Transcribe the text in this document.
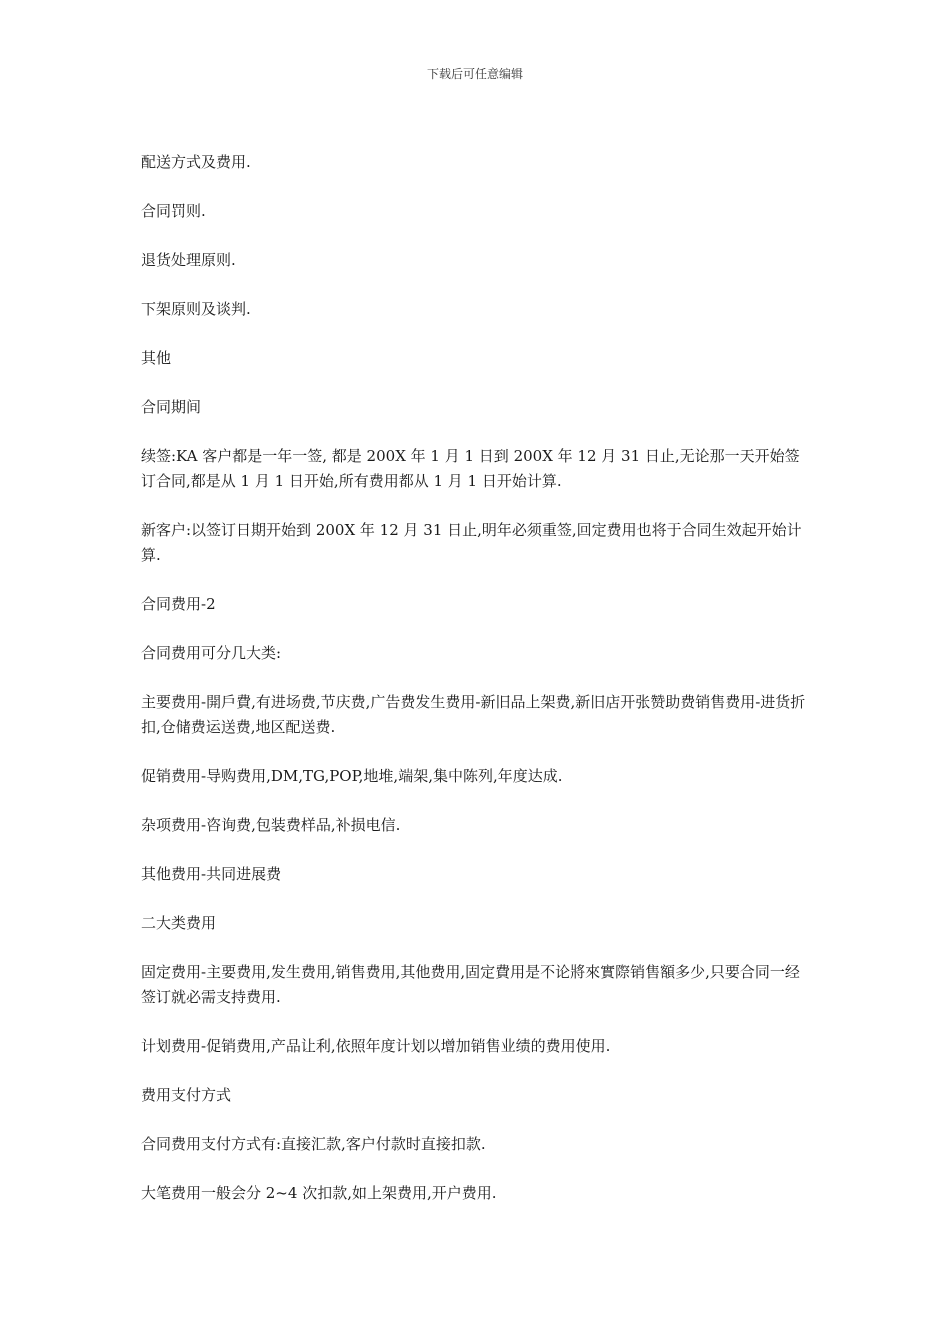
下载后可任意编辑

配送方式及费用.

合同罚则.

退货处理原则.

下架原则及谈判.

其他

合同期间

续签:KA 客户都是一年一签, 都是 200X 年 1 月 1 日到 200X 年 12 月 31 日止,无论那一天开始签订合同,都是从 1 月 1 日开始,所有费用都从 1 月 1 日开始计算.

新客户:以签订日期开始到 200X 年 12 月 31 日止,明年必须重签,回定费用也将于合同生效起开始计算.

合同费用-2

合同费用可分几大类:

主要费用-開戶費,有进场费,节庆费,广告费发生费用-新旧品上架费,新旧店开张赞助费销售费用-进货折扣,仓储费运送费,地区配送费.

促销费用-导购费用,DM,TG,POP,地堆,端架,集中陈列,年度达成.

杂项费用-咨询费,包装费样品,补损电信.

其他费用-共同进展费

二大类费用

固定费用-主要费用,发生费用,销售费用,其他费用,固定費用是不论將來實際销售額多少,只要合同一经签订就必需支持费用.

计划费用-促销费用,产品让利,依照年度计划以增加销售业绩的费用使用.

费用支付方式

合同费用支付方式有:直接汇款,客户付款时直接扣款.

大笔费用一般会分 2~4 次扣款,如上架费用,开户费用.
